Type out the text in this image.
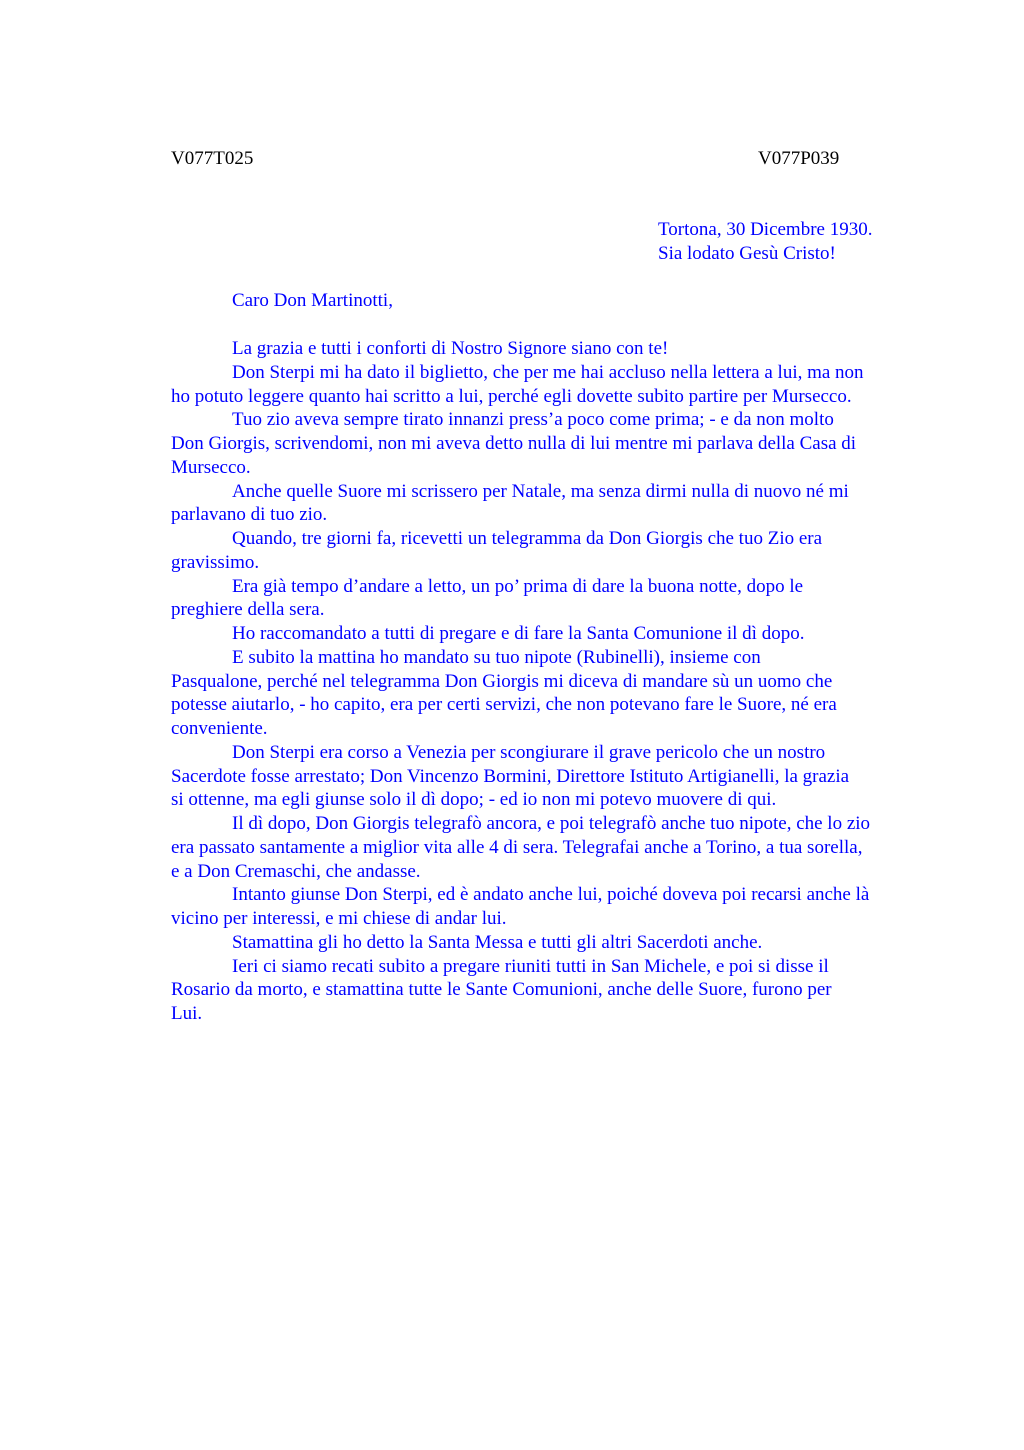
V077T025	V077P039
Tortona, 30 Dicembre 1930.
Sia lodato Gesù Cristo!
Caro Don Martinotti,
La grazia e tutti i conforti di Nostro Signore siano con te!
Don Sterpi mi ha dato il biglietto, che per me hai accluso nella lettera a lui, ma non
ho potuto leggere quanto hai scritto a lui, perché egli dovette subito partire per Mursecco.
Tuo zio aveva sempre tirato innanzi press’a poco come prima; - e da non molto
Don Giorgis, scrivendomi, non mi aveva detto nulla di lui mentre mi parlava della Casa di
Mursecco.
Anche quelle Suore mi scrissero per Natale, ma senza dirmi nulla di nuovo né mi
parlavano di tuo zio.
Quando, tre giorni fa, ricevetti un telegramma da Don Giorgis che tuo Zio era
gravissimo.
Era già tempo d’andare a letto, un po’ prima di dare la buona notte, dopo le
preghiere della sera.
Ho raccomandato a tutti di pregare e di fare la Santa Comunione il dì dopo.
E subito la mattina ho mandato su tuo nipote (Rubinelli), insieme con
Pasqualone, perché nel telegramma Don Giorgis mi diceva di mandare sù un uomo che
potesse aiutarlo, - ho capito, era per certi servizi, che non potevano fare le Suore, né era
conveniente.
Don Sterpi era corso a Venezia per scongiurare il grave pericolo che un nostro
Sacerdote fosse arrestato; Don Vincenzo Bormini, Direttore Istituto Artigianelli, la grazia
si ottenne, ma egli giunse solo il dì dopo; - ed io non mi potevo muovere di qui.
Il dì dopo, Don Giorgis telegrafò ancora, e poi telegrafò anche tuo nipote, che lo zio
era passato santamente a miglior vita alle 4 di sera. Telegrafai anche a Torino, a tua sorella,
e a Don Cremaschi, che andasse.
Intanto giunse Don Sterpi, ed è andato anche lui, poiché doveva poi recarsi anche là
vicino per interessi, e mi chiese di andar lui.
Stamattina gli ho detto la Santa Messa e tutti gli altri Sacerdoti anche.
Ieri ci siamo recati subito a pregare riuniti tutti in San Michele, e poi si disse il
Rosario da morto, e stamattina tutte le Sante Comunioni, anche delle Suore, furono per
Lui.
